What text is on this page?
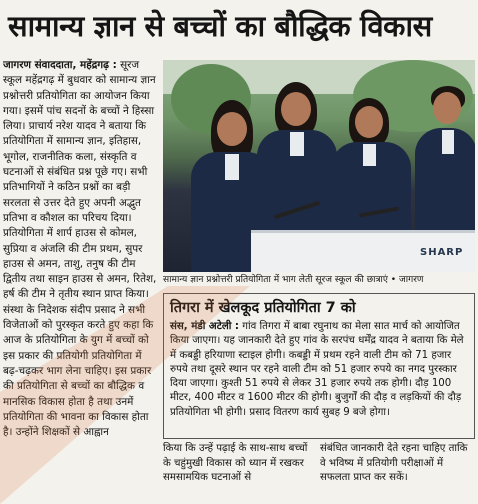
सामान्य ज्ञान से बच्चों का बौद्धिक विकास

जागरण संवाददाता, महेंद्रगढ़ : सूरज स्कूल महेंद्रगढ़ में बुधवार को सामान्य ज्ञान प्रश्नोत्तरी प्रतियोगिता का आयोजन किया गया। इसमें पांच सदनों के बच्चों ने हिस्सा लिया। प्राचार्य नरेश यादव ने बताया कि प्रतियोगिता में सामान्य ज्ञान, इतिहास, भूगोल, राजनीतिक कला, संस्कृति व घटनाओं से संबंधित प्रश्न पूछे गए। सभी प्रतिभागियों ने कठिन प्रश्नों का बड़ी सरलता से उत्तर देते हुए अपनी अद्भुत प्रतिभा व कौशल का परिचय दिया। प्रतियोगिता में शार्प हाउस से कोमल, सुप्रिया व अंजलि की टीम प्रथम, सुपर हाउस से अमन, ताशु, तनुष की टीम द्वितीय तथा साइन हाउस से अमन, रितेश, हर्ष की टीम ने तृतीय स्थान प्राप्त किया। संस्था के निदेशक संदीप प्रसाद ने सभी विजेताओं को पुरस्कृत करते हुए कहा कि आज के प्रतियोगिता के युग में बच्चों को इस प्रकार की प्रतियोगी प्रतियोगिता में बढ़-चढ़कर भाग लेना चाहिए। इस प्रकार की प्रतियोगिता से बच्चों का बौद्धिक व मानसिक विकास होता है तथा उनमें प्रतियोगिता की भावना का विकास होता है। उन्होंने शिक्षकों से आह्वान

SHARP
सामान्य ज्ञान प्रश्नोत्तरी प्रतियोगिता में भाग लेती सूरज स्कूल की छात्राएं • जागरण

तिगरा में खेलकूद प्रतियोगिता 7 को

संस, मंडी अटेली : गांव तिगरा में बाबा रघुनाथ का मेला सात मार्च को आयोजित किया जाएगा। यह जानकारी देते हुए गांव के सरपंच धर्मेंद्र यादव ने बताया कि मेले में कबड्डी हरियाणा स्टाइल होगी। कबड्डी में प्रथम रहने वाली टीम को 71 हजार रुपये तथा दूसरे स्थान पर रहने वाली टीम को 51 हजार रुपये का नगद पुरस्कार दिया जाएगा। कुश्ती 51 रुपये से लेकर 31 हजार रुपये तक होगी। दौड़ 100 मीटर, 400 मीटर व 1600 मीटर की होगी। बुजुर्गों की दौड़ व लड़कियों की दौड़ प्रतियोगिता भी होगी। प्रसाद वितरण कार्य सुबह 9 बजे होगा।

किया कि उन्हें पढ़ाई के साथ-साथ बच्चों के चहुंमुखी विकास को ध्यान में रखकर सम‌सामयिक घटनाओं से

संबंधित जानकारी देते रहना चाहिए ताकि वे भविष्य में प्रतियोगी परीक्षाओं में सफलता प्राप्त कर सकें।
